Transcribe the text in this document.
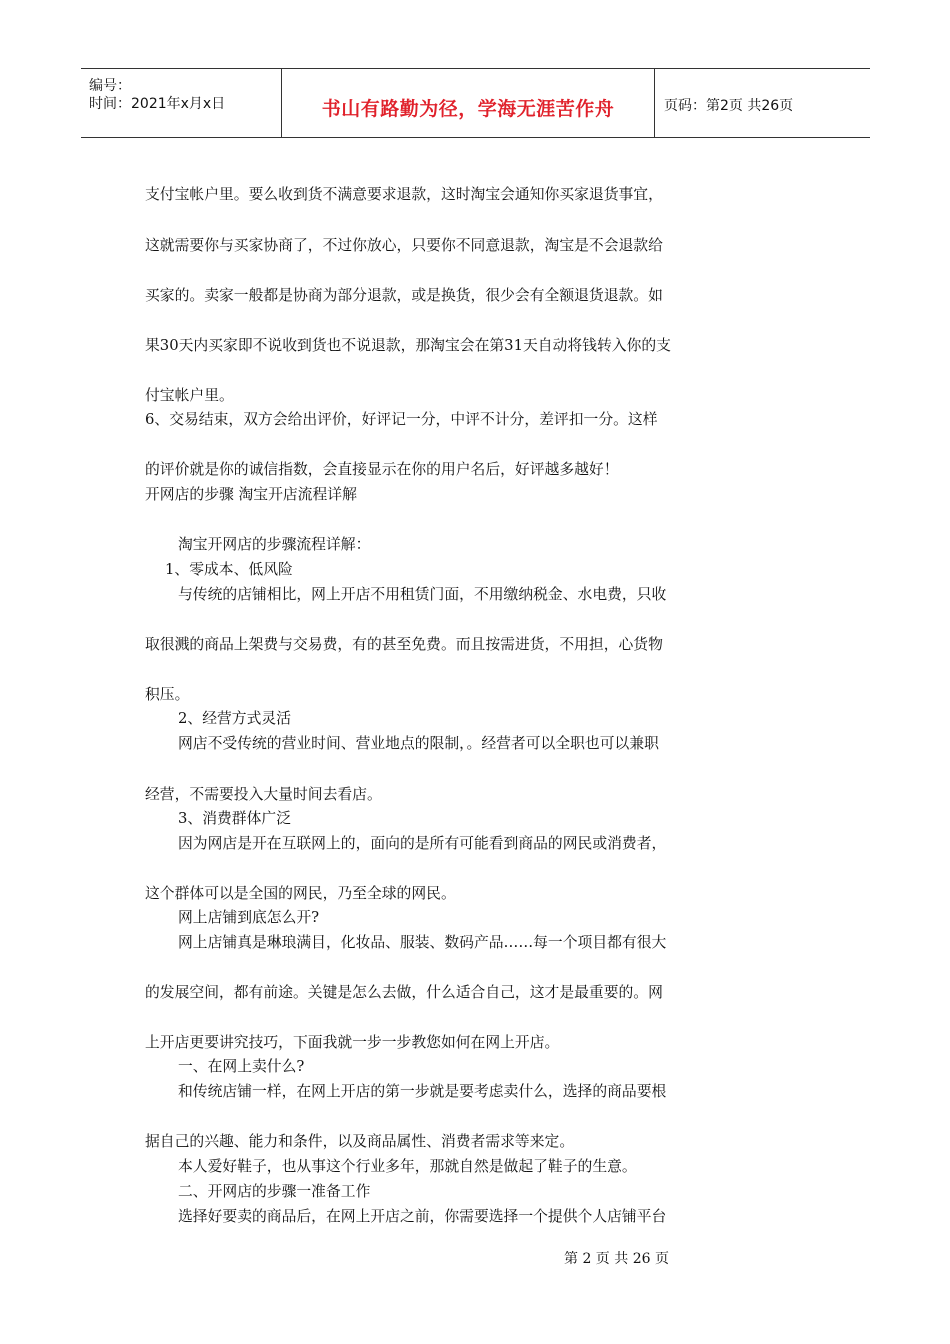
编号：
时间：2021年x月x日	书山有路勤为径，学海无涯苦作舟	页码：第2页 共26页
支付宝帐户里。要么收到货不满意要求退款，这时淘宝会通知你买家退货事宜，
这就需要你与买家协商了，不过你放心，只要你不同意退款，淘宝是不会退款给
买家的。卖家一般都是协商为部分退款，或是换货，很少会有全额退货退款。如
果30天内买家即不说收到货也不说退款，那淘宝会在第31天自动将钱转入你的支
付宝帐户里。
6、交易结束，双方会给出评价，好评记一分，中评不计分，差评扣一分。这样
的评价就是你的诚信指数，会直接显示在你的用户名后，好评越多越好！
开网店的步骤 淘宝开店流程详解
淘宝开网店的步骤流程详解：
1、零成本、低风险
与传统的店铺相比，网上开店不用租赁门面，不用缴纳税金、水电费，只收
取很溅的商品上架费与交易费，有的甚至免费。而且按需进货，不用担，心货物
积压。
2、经营方式灵活
网店不受传统的营业时间、营业地点的限制，。经营者可以全职也可以兼职
经营，不需要投入大量时间去看店。
3、消费群体广泛
因为网店是开在互联网上的，面向的是所有可能看到商品的网民或消费者，
这个群体可以是全国的网民，乃至全球的网民。
网上店铺到底怎么开?
网上店铺真是琳琅满目，化妆品、服装、数码产品……每一个项目都有很大
的发展空间，都有前途。关键是怎么去做，什么适合自己，这才是最重要的。网
上开店更要讲究技巧，下面我就一步一步教您如何在网上开店。
一、在网上卖什么?
和传统店铺一样，在网上开店的第一步就是要考虑卖什么，选择的商品要根
据自己的兴趣、能力和条件，以及商品属性、消费者需求等来定。
本人爱好鞋子，也从事这个行业多年，那就自然是做起了鞋子的生意。
二、开网店的步骤一准备工作
选择好要卖的商品后，在网上开店之前，你需要选择一个提供个人店铺平台
第 2 页 共 26 页
